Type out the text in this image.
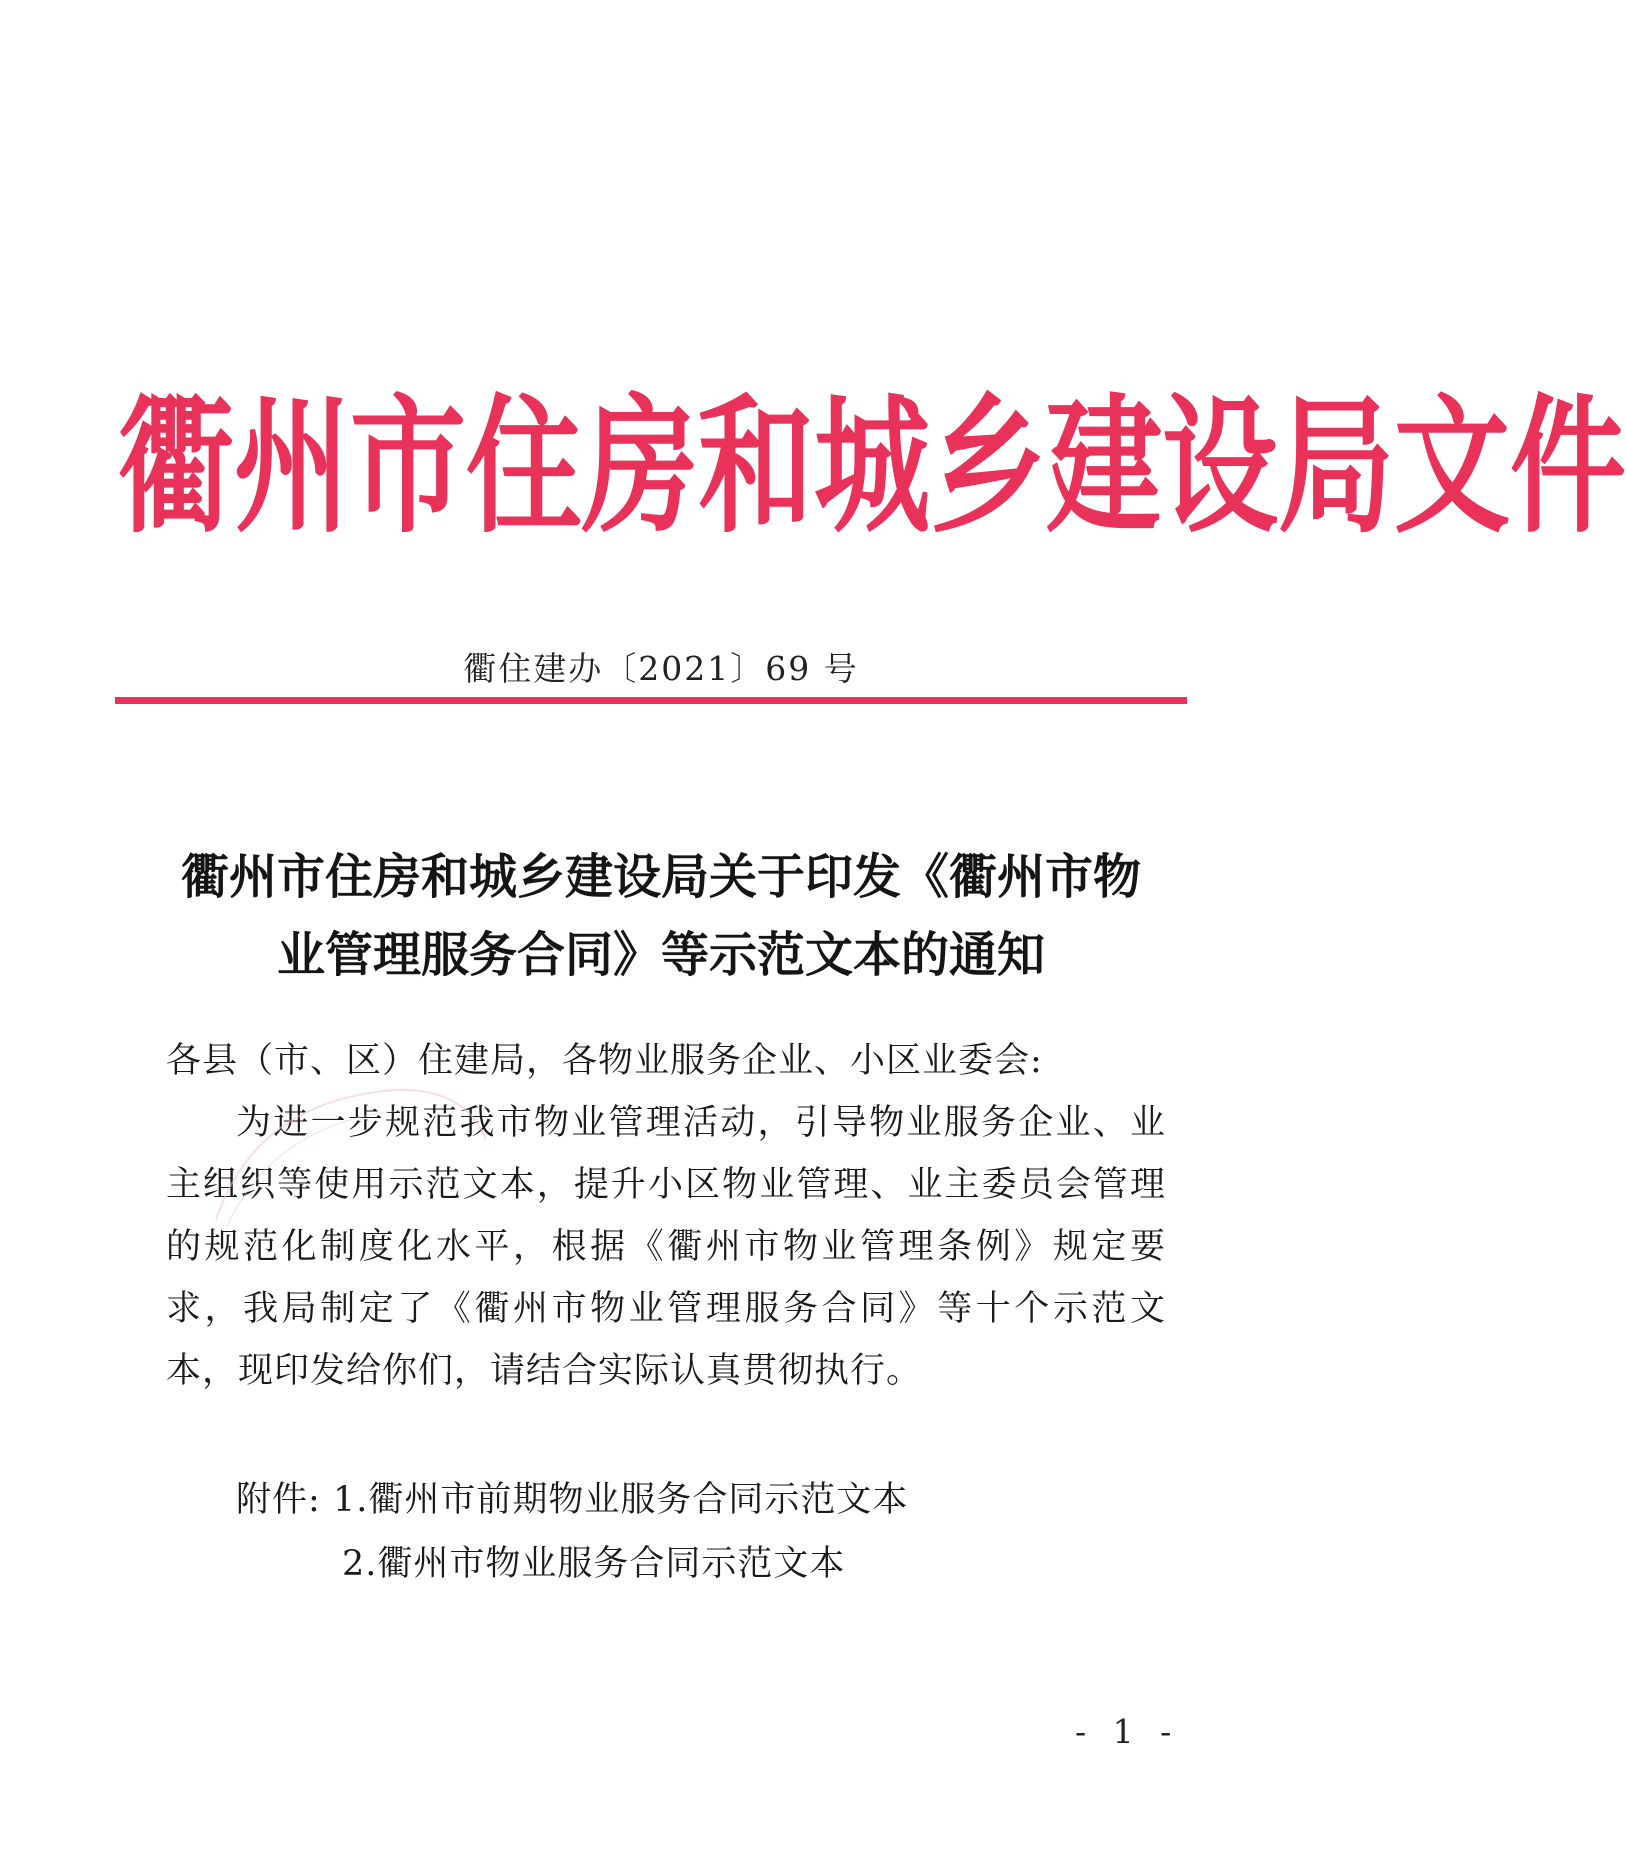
衢 州 市 住 房 和 城 乡 建 设 局 文 件
衢住建办〔2021〕69 号
衢州市住房和城乡建设局关于印发《衢州市物
业管理服务合同》等示范文本的通知
各县（市、区）住建局，各物业服务企业、小区业委会:

为进一步规范我市物业管理活动，引导物业服务企业、业主组织等使用示范文本，提升小区物业管理、业主委员会管理的规范化制度化水平，根据《衢州市物业管理条例》规定要求，我局制定了《衢州市物业管理服务合同》等十个示范文本，现印发给你们，请结合实际认真贯彻执行。

附件: 1.衢州市前期物业服务合同示范文本
2.衢州市物业服务合同示范文本
- 1 -
